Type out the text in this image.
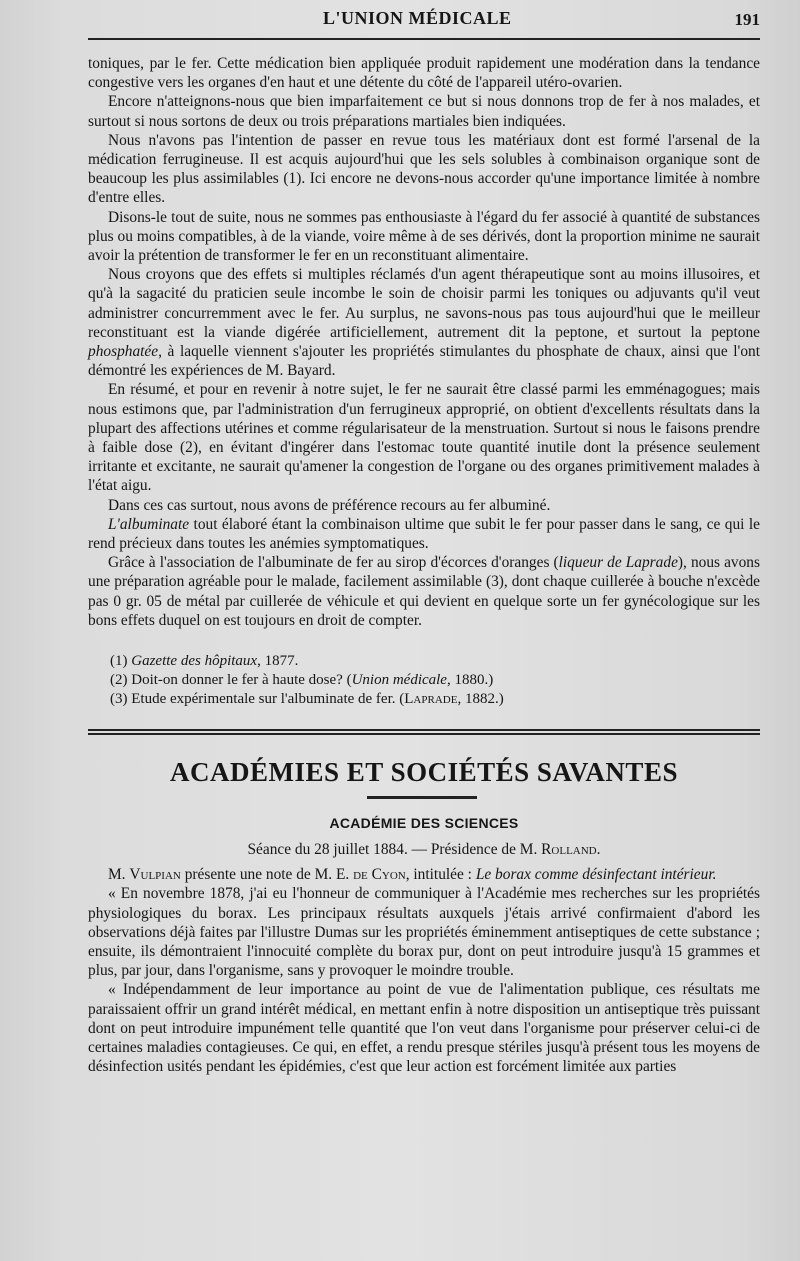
L'UNION MÉDICALE	191

toniques, par le fer. Cette médication bien appliquée produit rapidement une modération dans la tendance congestive vers les organes d'en haut et une détente du côté de l'appareil utéro-ovarien.

Encore n'atteignons-nous que bien imparfaitement ce but si nous donnons trop de fer à nos malades, et surtout si nous sortons de deux ou trois préparations martiales bien indiquées.

Nous n'avons pas l'intention de passer en revue tous les matériaux dont est formé l'arsenal de la médication ferrugineuse. Il est acquis aujourd'hui que les sels solubles à combinaison organique sont de beaucoup les plus assimilables (1). Ici encore ne devons-nous accorder qu'une importance limitée à nombre d'entre elles.

Disons-le tout de suite, nous ne sommes pas enthousiaste à l'égard du fer associé à quantité de substances plus ou moins compatibles, à de la viande, voire même à de ses dérivés, dont la proportion minime ne saurait avoir la prétention de transformer le fer en un reconstituant alimentaire.

Nous croyons que des effets si multiples réclamés d'un agent thérapeutique sont au moins illusoires, et qu'à la sagacité du praticien seule incombe le soin de choisir parmi les toniques ou adjuvants qu'il veut administrer concurremment avec le fer. Au surplus, ne savons-nous pas tous aujourd'hui que le meilleur reconstituant est la viande digérée artificiellement, autrement dit la peptone, et surtout la peptone phosphatée, à laquelle viennent s'ajouter les propriétés stimulantes du phosphate de chaux, ainsi que l'ont démontré les expériences de M. Bayard.

En résumé, et pour en revenir à notre sujet, le fer ne saurait être classé parmi les emménagogues; mais nous estimons que, par l'administration d'un ferrugineux approprié, on obtient d'excellents résultats dans la plupart des affections utérines et comme régularisateur de la menstruation. Surtout si nous le faisons prendre à faible dose (2), en évitant d'ingérer dans l'estomac toute quantité inutile dont la présence seulement irritante et excitante, ne saurait qu'amener la congestion de l'organe ou des organes primitivement malades à l'état aigu.

Dans ces cas surtout, nous avons de préférence recours au fer albuminé.

L'albuminate tout élaboré étant la combinaison ultime que subit le fer pour passer dans le sang, ce qui le rend précieux dans toutes les anémies symptomatiques.

Grâce à l'association de l'albuminate de fer au sirop d'écorces d'oranges (liqueur de Laprade), nous avons une préparation agréable pour le malade, facilement assimilable (3), dont chaque cuillerée à bouche n'excède pas 0 gr. 05 de métal par cuillerée de véhicule et qui devient en quelque sorte un fer gynécologique sur les bons effets duquel on est toujours en droit de compter.

(1) Gazette des hôpitaux, 1877.
(2) Doit-on donner le fer à haute dose? (Union médicale, 1880.)
(3) Etude expérimentale sur l'albuminate de fer. (Laprade, 1882.)
ACADÉMIES ET SOCIÉTÉS SAVANTES
ACADÉMIE DES SCIENCES
Séance du 28 juillet 1884. — Présidence de M. Rolland.

M. Vulpian présente une note de M. E. de Cyon, intitulée : Le borax comme désinfectant intérieur.

« En novembre 1878, j'ai eu l'honneur de communiquer à l'Académie mes recherches sur les propriétés physiologiques du borax. Les principaux résultats auxquels j'étais arrivé confirmaient d'abord les observations déjà faites par l'illustre Dumas sur les propriétés éminemment antiseptiques de cette substance ; ensuite, ils démontraient l'innocuité complète du borax pur, dont on peut introduire jusqu'à 15 grammes et plus, par jour, dans l'organisme, sans y provoquer le moindre trouble.

« Indépendamment de leur importance au point de vue de l'alimentation publique, ces résultats me paraissaient offrir un grand intérêt médical, en mettant enfin à notre disposition un antiseptique très puissant dont on peut introduire impunément telle quantité que l'on veut dans l'organisme pour préserver celui-ci de certaines maladies contagieuses. Ce qui, en effet, a rendu presque stériles jusqu'à présent tous les moyens de désinfection usités pendant les épidémies, c'est que leur action est forcément limitée aux parties
